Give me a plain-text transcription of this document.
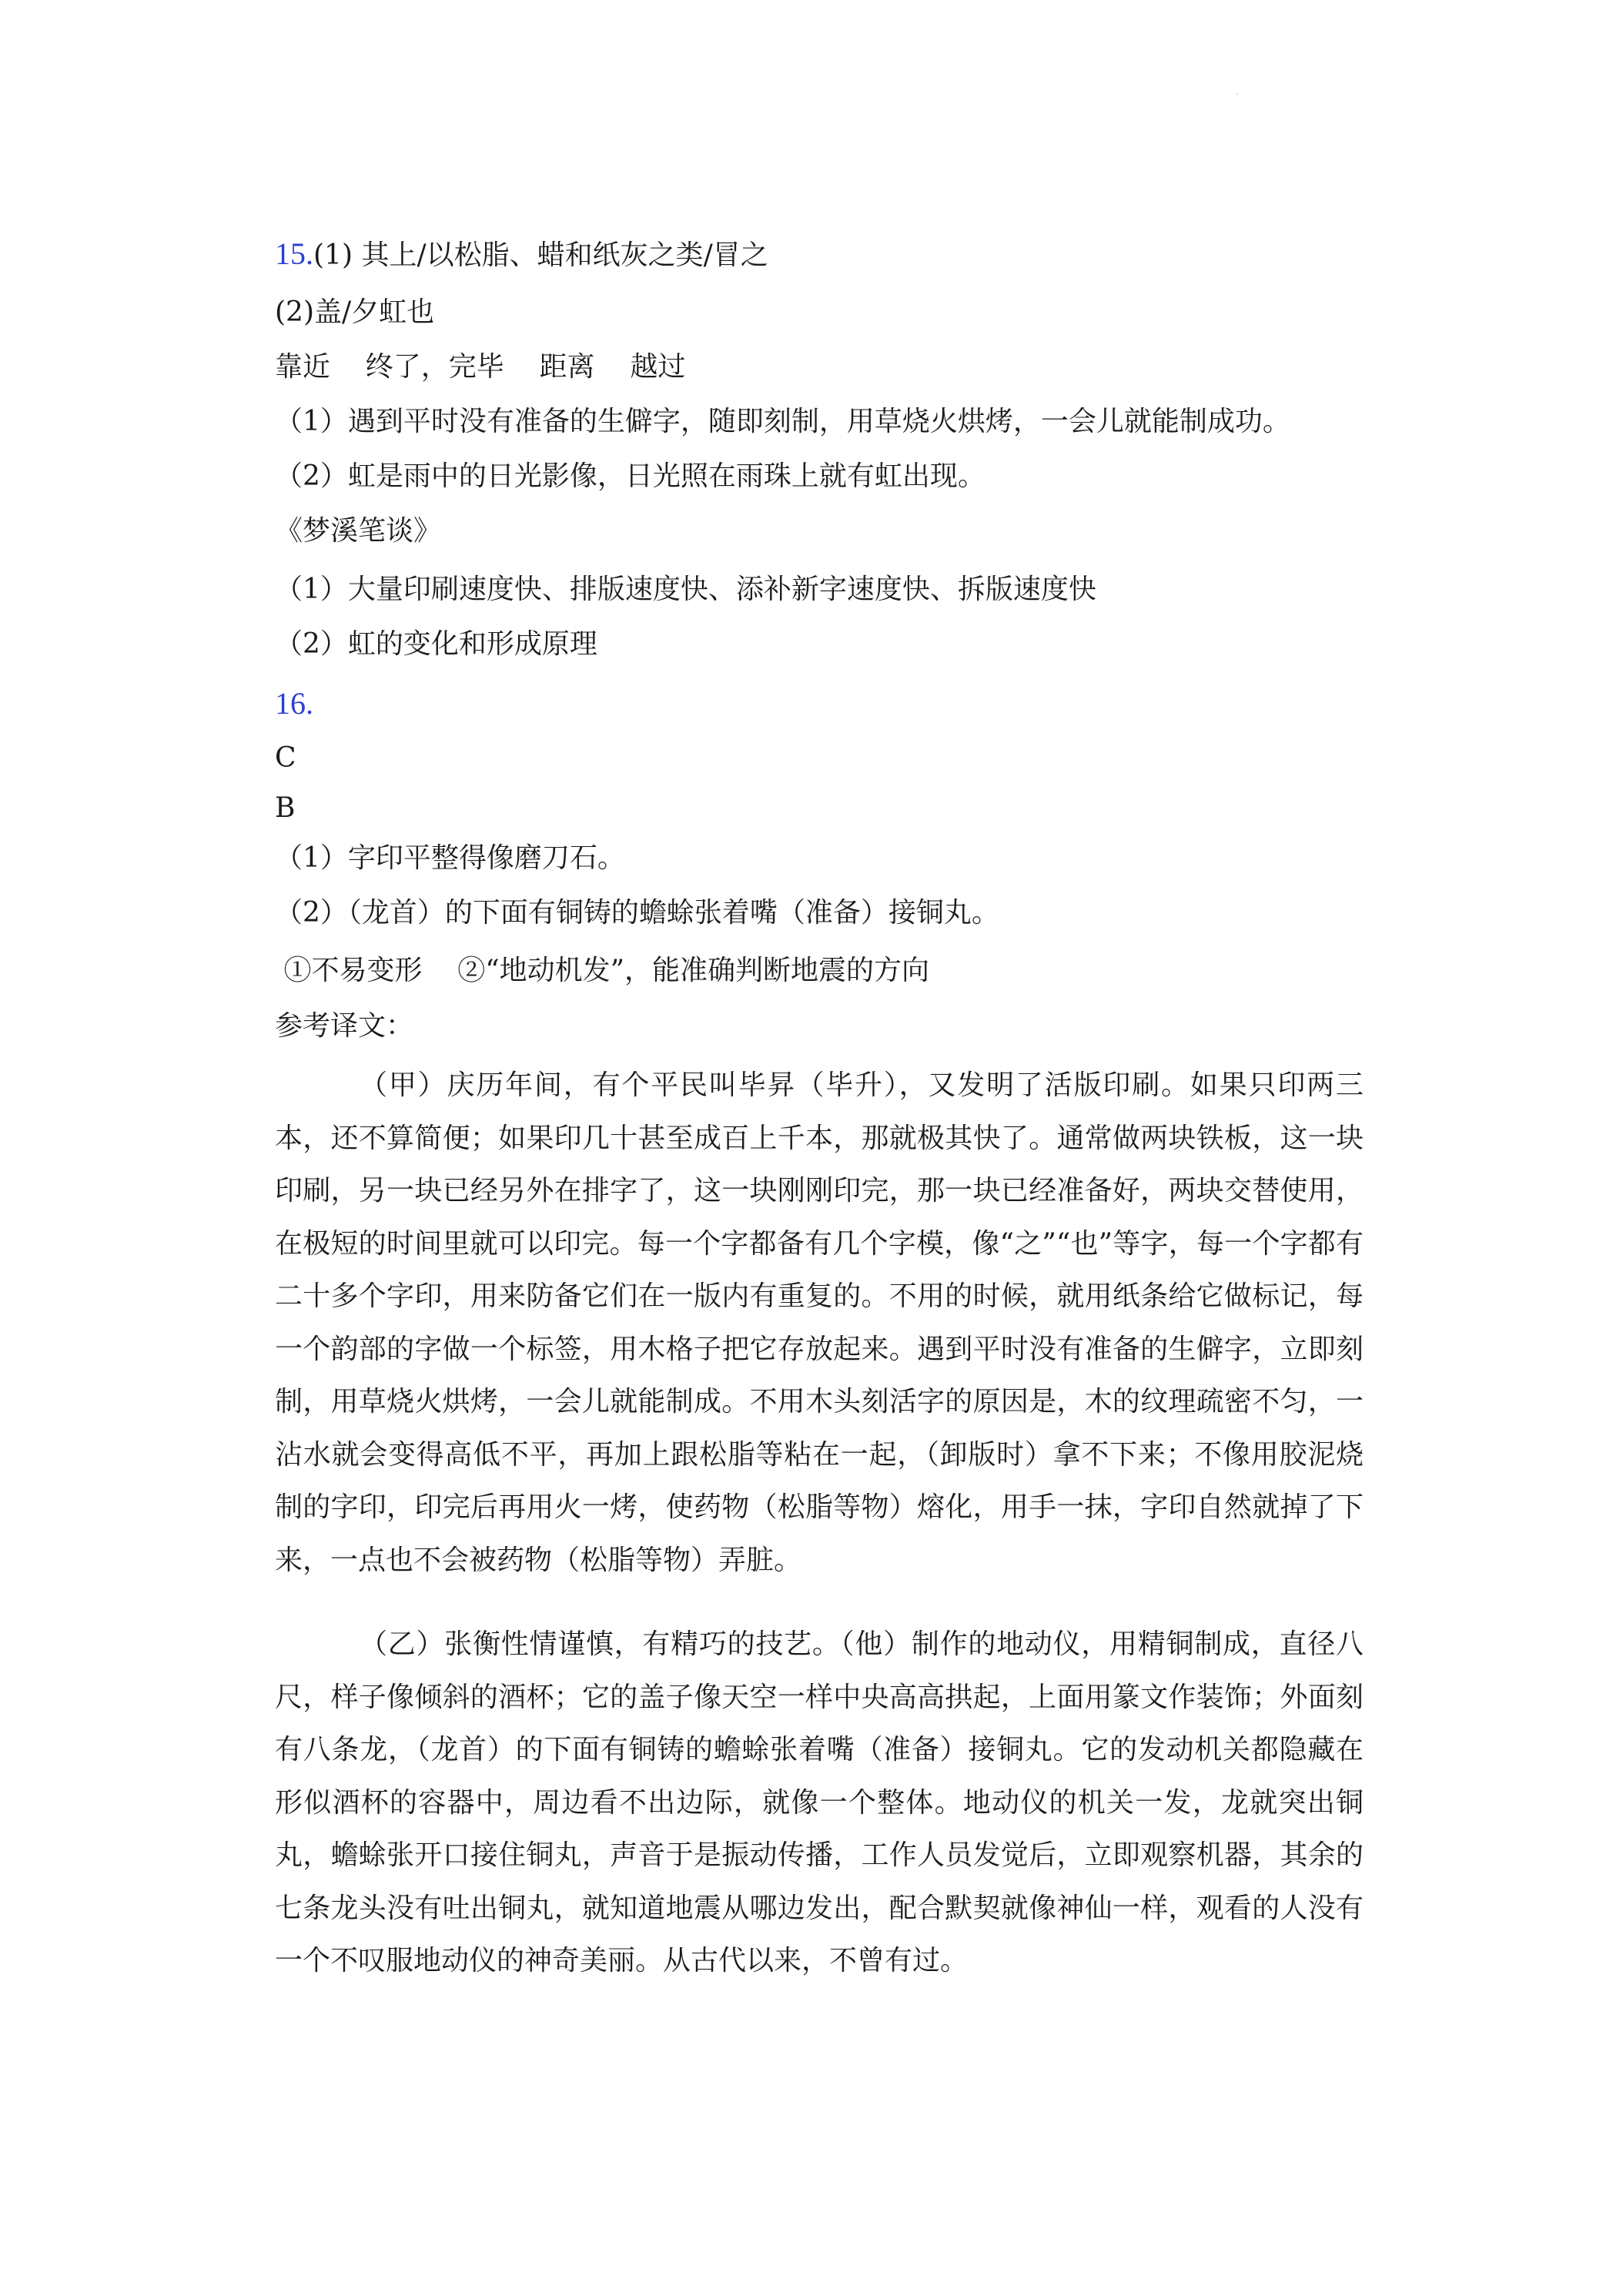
.
15.(1) 其上/以松脂、蜡和纸灰之类/冒之
(2)盖/夕虹也
靠近    终了，完毕    距离    越过
（1）遇到平时没有准备的生僻字，随即刻制，用草烧火烘烤，一会儿就能制成功。
（2）虹是雨中的日光影像，日光照在雨珠上就有虹出现。
《梦溪笔谈》
（1）大量印刷速度快、排版速度快、添补新字速度快、拆版速度快
（2）虹的变化和形成原理
16.
C
B
（1）字印平整得像磨刀石。
（2）（龙首）的下面有铜铸的蟾蜍张着嘴（准备）接铜丸。
①不易变形    ②“地动机发”，能准确判断地震的方向
参考译文：
（甲）庆历年间，有个平民叫毕昇（毕升），又发明了活版印刷。如果只印两三本，还不算简便；如果印几十甚至成百上千本，那就极其快了。通常做两块铁板，这一块印刷，另一块已经另外在排字了，这一块刚刚印完，那一块已经准备好，两块交替使用，在极短的时间里就可以印完。每一个字都备有几个字模，像“之”“也”等字，每一个字都有二十多个字印，用来防备它们在一版内有重复的。不用的时候，就用纸条给它做标记，每一个韵部的字做一个标签，用木格子把它存放起来。遇到平时没有准备的生僻字，立即刻制，用草烧火烘烤，一会儿就能制成。不用木头刻活字的原因是，木的纹理疏密不匀，一沾水就会变得高低不平，再加上跟松脂等粘在一起，（卸版时）拿不下来；不像用胶泥烧制的字印，印完后再用火一烤，使药物（松脂等物）熔化，用手一抹，字印自然就掉了下来，一点也不会被药物（松脂等物）弄脏。
（乙）张衡性情谨慎，有精巧的技艺。（他）制作的地动仪，用精铜制成，直径八尺，样子像倾斜的酒杯；它的盖子像天空一样中央高高拱起，上面用篆文作装饰；外面刻有八条龙，（龙首）的下面有铜铸的蟾蜍张着嘴（准备）接铜丸。它的发动机关都隐藏在形似酒杯的容器中，周边看不出边际，就像一个整体。地动仪的机关一发，龙就突出铜丸，蟾蜍张开口接住铜丸，声音于是振动传播，工作人员发觉后，立即观察机器，其余的七条龙头没有吐出铜丸，就知道地震从哪边发出，配合默契就像神仙一样，观看的人没有一个不叹服地动仪的神奇美丽。从古代以来，不曾有过。
